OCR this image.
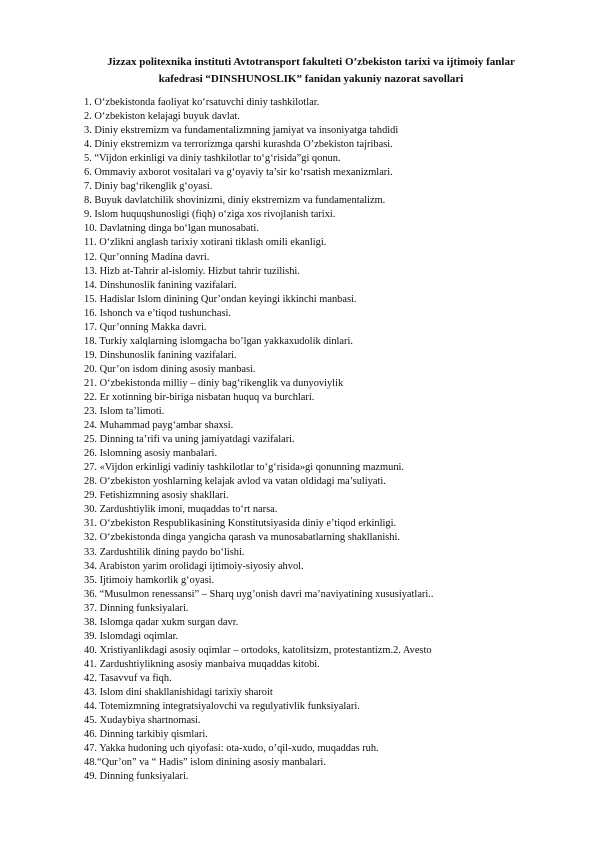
Jizzax politexnika instituti Avtotransport fakulteti O’zbekiston tarixi va ijtimoiy fanlar
kafedrasi “DINSHUNOSLIK” fanidan yakuniy nazorat savollari
1. O‘zbekistonda faoliyat ko‘rsatuvchi diniy tashkilotlar.
2. O‘zbekiston kelajagi buyuk davlat.
3. Diniy ekstremizm va fundamentalizmning jamiyat va insoniyatga tahdidi
4. Diniy ekstremizm va terrorizmga qarshi kurashda O’zbekiston tajribasi.
5. “Vijdon erkinligi va diniy tashkilotlar to‘g‘risida”gi qonun.
6. Ommaviy axborot vositalari va g‘oyaviy ta’sir ko‘rsatish mexanizmlari.
7. Diniy bag‘rikenglik g‘oyasi.
8. Buyuk davlatchilik shovinizmi, diniy ekstremizm va fundamentalizm.
9. Islom huquqshunosligi (fiqh) o‘ziga xos rivojlanish tarixi.
10. Davlatning dinga bo‘lgan munosabati.
11. O‘zlikni anglash tarixiy xotirani tiklash omili ekanligi.
12. Qur’onning Madina davri.
13. Hizb at-Tahrir al-islomiy. Hizbut tahrir tuzilishi.
14. Dinshunoslik fanining vazifalari.
15. Hadislar Islom dinining Qur’ondan keyingi ikkinchi manbasi.
16. Ishonch va e’tiqod tushunchasi.
17. Qur’onning Makka davri.
18. Turkiy xalqlarning islomgacha bo’lgan yakkaxudolik dinlari.
19. Dinshunoslik fanining vazifalari.
20. Qur’on isdom dining asosiy manbasi.
21. O‘zbekistonda milliy – diniy bag‘rikenglik va dunyoviylik
22. Er xotinning bir-biriga nisbatan huquq va burchlari.
23. Islom ta’limoti.
24. Muhammad payg‘ambar shaxsi.
25. Dinning ta’rifi va uning jamiyatdagi vazifalari.
26. Islomning asosiy manbalari.
27. «Vijdon erkinligi vadiniy tashkilotlar to‘g‘risida»gi qonunning mazmuni.
28. O‘zbekiston yoshlarning kelajak avlod va vatan oldidagi ma’suliyati.
29. Fetishizmning asosiy shakllari.
30. Zardushtiylik imoni, muqaddas to‘rt narsa.
31. O‘zbekiston Respublikasining Konstitutsiyasida diniy e’tiqod erkinligi.
32. O‘zbekistonda dinga yangicha qarash va munosabatlarning shakllanishi.
33. Zardushtilik dining paydo bo‘lishi.
34. Arabiston yarim orolidagi ijtimoiy-siyosiy ahvol.
35. Ijtimoiy hamkorlik g‘oyasi.
36. “Musulmon renessansi” – Sharq uyg’onish davri ma’naviyatining xususiyatlari..
37. Dinning funksiyalari.
38. Islomga qadar xukm surgan davr.
39. Islomdagi oqimlar.
40. Xristiyanlikdagi asosiy oqimlar – ortodoks, katolitsizm, protestantizm.2. Avesto
41. Zardushtiylikning asosiy manbaiva muqaddas kitobi.
42. Tasavvuf va fiqh.
43. Islom dini shakllanishidagi tarixiy sharoit
44. Totemizmning integratsiyalovchi va regulyativlik funksiyalari.
45. Xudaybiya shartnomasi.
46. Dinning tarkibiy qismlari.
47. Yakka hudoning uch qiyofasi: ota-xudo, o’qil-xudo, muqaddas ruh.
48.“Qur’on” va “ Hadis” islom dinining asosiy manbalari.
49. Dinning funksiyalari.
